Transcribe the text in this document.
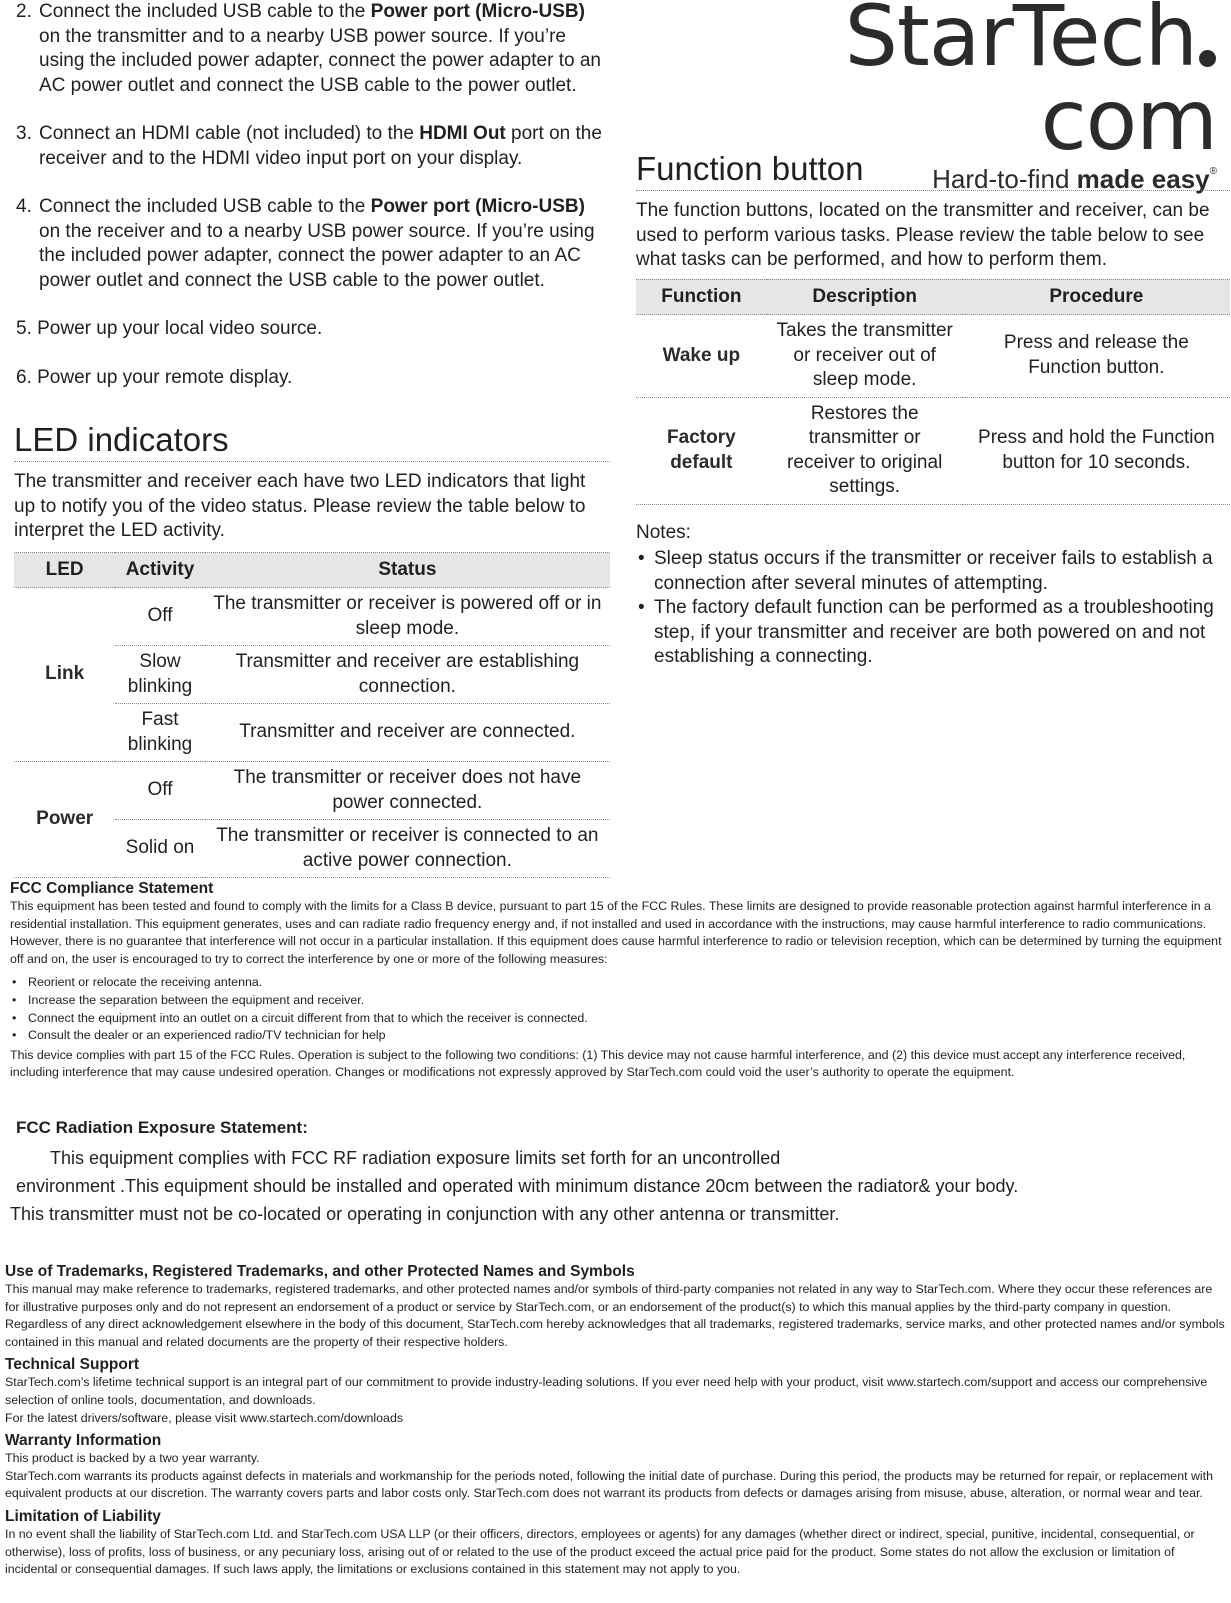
2. Connect the included USB cable to the Power port (Micro-USB) on the transmitter and to a nearby USB power source. If you’re using the included power adapter, connect the power adapter to an AC power outlet and connect the USB cable to the power outlet.
3. Connect an HDMI cable (not included) to the HDMI Out port on the receiver and to the HDMI video input port on your display.
4. Connect the included USB cable to the Power port (Micro-USB) on the receiver and to a nearby USB power source. If you’re using the included power adapter, connect the power adapter to an AC power outlet and connect the USB cable to the power outlet.
5. Power up your local video source.
6. Power up your remote display.
StarTechcom
Hard-to-find made easy®
Function button

The function buttons, located on the transmitter and receiver, can be used to perform various tasks. Please review the table below to see what tasks can be performed, and how to perform them.

Function	Description	Procedure
Wake up	Takes the transmitter or receiver out of sleep mode.	Press and release the Function button.
Factory default	Restores the transmitter or receiver to original settings.	Press and hold the Function button for 10 seconds.

Notes:

• Sleep status occurs if the transmitter or receiver fails to establish a connection after several minutes of attempting.
• The factory default function can be performed as a troubleshooting step, if your transmitter and receiver are both powered on and not establishing a connecting.
LED indicators

The transmitter and receiver each have two LED indicators that light up to notify you of the video status. Please review the table below to interpret the LED activity.

LED	Activity	Status
Link	Off	The transmitter or receiver is powered off or in sleep mode.
	Slow blinking	Transmitter and receiver are establishing connection.
	Fast blinking	Transmitter and receiver are connected.
Power	Off	The transmitter or receiver does not have power connected.
	Solid on	The transmitter or receiver is connected to an active power connection.
FCC Compliance Statement

This equipment has been tested and found to comply with the limits for a Class B device, pursuant to part 15 of the FCC Rules. These limits are designed to provide reasonable protection against harmful interference in a residential installation. This equipment generates, uses and can radiate radio frequency energy and, if not installed and used in accordance with the instructions, may cause harmful interference to radio communications. However, there is no guarantee that interference will not occur in a particular installation. If this equipment does cause harmful interference to radio or television reception, which can be determined by turning the equipment off and on, the user is encouraged to try to correct the interference by one or more of the following measures:

• Reorient or relocate the receiving antenna.
• Increase the separation between the equipment and receiver.
• Connect the equipment into an outlet on a circuit different from that to which the receiver is connected.
• Consult the dealer or an experienced radio/TV technician for help

This device complies with part 15 of the FCC Rules. Operation is subject to the following two conditions: (1) This device may not cause harmful interference, and (2) this device must accept any interference received, including interference that may cause undesired operation. Changes or modifications not expressly approved by StarTech.com could void the user’s authority to operate the equipment.

FCC Radiation Exposure Statement:

This equipment complies with FCC RF radiation exposure limits set forth for an uncontrolled

environment .This equipment should be installed and operated with minimum distance 20cm between the radiator& your body.

This transmitter must not be co-located or operating in conjunction with any other antenna or transmitter.

Use of Trademarks, Registered Trademarks, and other Protected Names and Symbols

This manual may make reference to trademarks, registered trademarks, and other protected names and/or symbols of third-party companies not related in any way to StarTech.com. Where they occur these references are for illustrative purposes only and do not represent an endorsement of a product or service by StarTech.com, or an endorsement of the product(s) to which this manual applies by the third-party company in question. Regardless of any direct acknowledgement elsewhere in the body of this document, StarTech.com hereby acknowledges that all trademarks, registered trademarks, service marks, and other protected names and/or symbols contained in this manual and related documents are the property of their respective holders.

Technical Support

StarTech.com’s lifetime technical support is an integral part of our commitment to provide industry-leading solutions. If you ever need help with your product, visit www.startech.com/support and access our comprehensive selection of online tools, documentation, and downloads.

For the latest drivers/software, please visit www.startech.com/downloads

Warranty Information

This product is backed by a two year warranty.

StarTech.com warrants its products against defects in materials and workmanship for the periods noted, following the initial date of purchase. During this period, the products may be returned for repair, or replacement with equivalent products at our discretion. The warranty covers parts and labor costs only. StarTech.com does not warrant its products from defects or damages arising from misuse, abuse, alteration, or normal wear and tear.

Limitation of Liability

In no event shall the liability of StarTech.com Ltd. and StarTech.com USA LLP (or their officers, directors, employees or agents) for any damages (whether direct or indirect, special, punitive, incidental, consequential, or otherwise), loss of profits, loss of business, or any pecuniary loss, arising out of or related to the use of the product exceed the actual price paid for the product. Some states do not allow the exclusion or limitation of incidental or consequential damages. If such laws apply, the limitations or exclusions contained in this statement may not apply to you.
